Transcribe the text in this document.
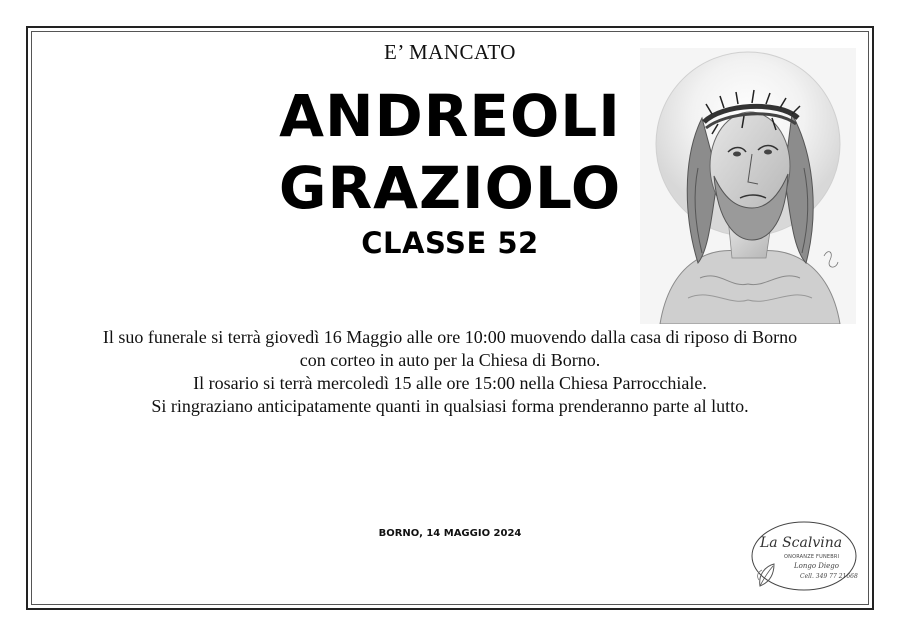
E’ MANCATO
ANDREOLI
GRAZIOLO
CLASSE 52
Il suo funerale si terrà giovedì 16 Maggio alle ore 10:00 muovendo dalla casa di riposo di Borno
con corteo in auto per la Chiesa di Borno.
Il rosario si terrà mercoledì 15 alle ore 15:00 nella Chiesa Parrocchiale.
Si ringraziano anticipatamente quanti in qualsiasi forma prenderanno parte al lutto.
BORNO, 14 MAGGIO 2024
La Scalvina
ONORANZE FUNEBRI
Longo Diego
Cell. 349 77 21668
